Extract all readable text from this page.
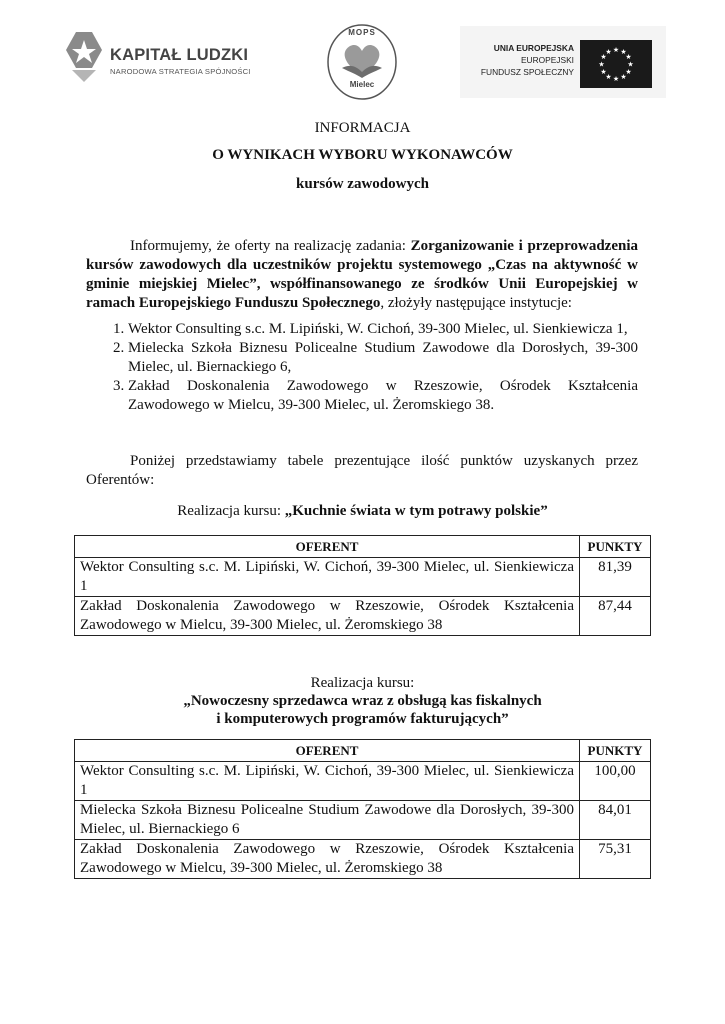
KAPITAŁ LUDZKI
NARODOWA STRATEGIA SPÓJNOŚCI
MOPS
Mielec
UNIA EUROPEJSKA
EUROPEJSKI
FUNDUSZ SPOŁECZNY
★ ★
★
★
★
★
★
★
★
★
★
★
INFORMACJA
O WYNIKACH WYBORU WYKONAWCÓW
kursów zawodowych
Informujemy, że oferty na realizację zadania: Zorganizowanie i przeprowadzenia kursów zawodowych dla uczestników projektu systemowego „Czas na aktywność w gminie miejskiej Mielec”, współfinansowanego ze środków Unii Europejskiej w ramach Europejskiego Funduszu Społecznego, złożyły następujące instytucje:
1. Wektor Consulting s.c. M. Lipiński, W. Cichoń, 39-300 Mielec, ul. Sienkiewicza 1,
2. Mielecka Szkoła Biznesu Policealne Studium Zawodowe dla Dorosłych, 39-300 Mielec, ul. Biernackiego 6,
3. Zakład Doskonalenia Zawodowego w Rzeszowie, Ośrodek Kształcenia Zawodowego w Mielcu, 39-300 Mielec, ul. Żeromskiego 38.
Poniżej przedstawiamy tabele prezentujące ilość punktów uzyskanych przez Oferentów:
Realizacja kursu: „Kuchnie świata w tym potrawy polskie”
OFERENT	PUNKTY
Wektor Consulting s.c. M. Lipiński, W. Cichoń, 39-300 Mielec, ul. Sienkiewicza 1	81,39
Zakład Doskonalenia Zawodowego w Rzeszowie, Ośrodek Kształcenia Zawodowego w Mielcu, 39-300 Mielec, ul. Żeromskiego 38	87,44
Realizacja kursu:
„Nowoczesny sprzedawca wraz z obsługą kas fiskalnych
i komputerowych programów fakturujących”
OFERENT	PUNKTY
Wektor Consulting s.c. M. Lipiński, W. Cichoń, 39-300 Mielec, ul. Sienkiewicza 1	100,00
Mielecka Szkoła Biznesu Policealne Studium Zawodowe dla Dorosłych, 39-300 Mielec, ul. Biernackiego 6	84,01
Zakład Doskonalenia Zawodowego w Rzeszowie, Ośrodek Kształcenia Zawodowego w Mielcu, 39-300 Mielec, ul. Żeromskiego 38	75,31
